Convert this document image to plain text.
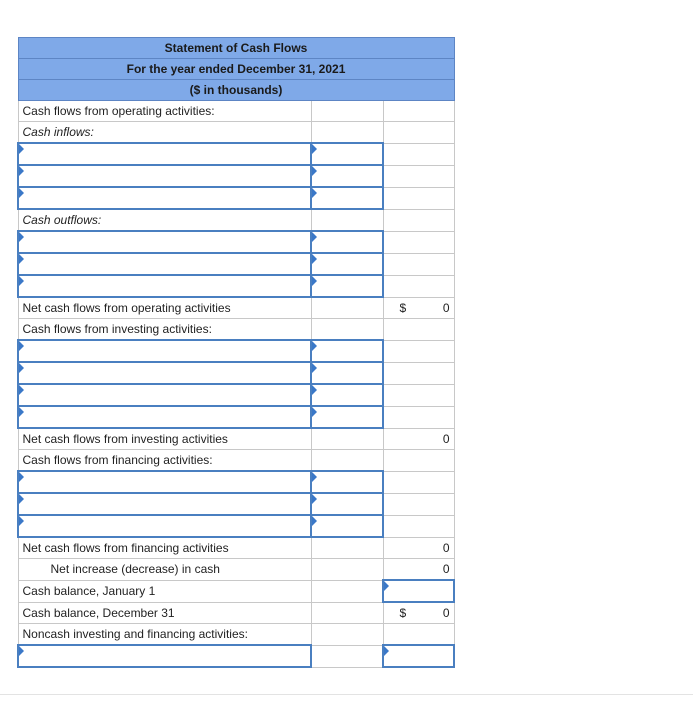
Statement of Cash Flows		
For the year ended December 31, 2021		
($ in thousands)		
Cash flows from operating activities:		
Cash inflows:		

Cash outflows:		

Net cash flows from operating activities		$ 0

Cash flows from investing activities:		

Net cash flows from investing activities		0
Cash flows from financing activities:		

Net cash flows from financing activities		0
Net increase (decrease) in cash		0
Cash balance, January 1		
Cash balance, December 31		$ 0

Noncash investing and financing activities:		
